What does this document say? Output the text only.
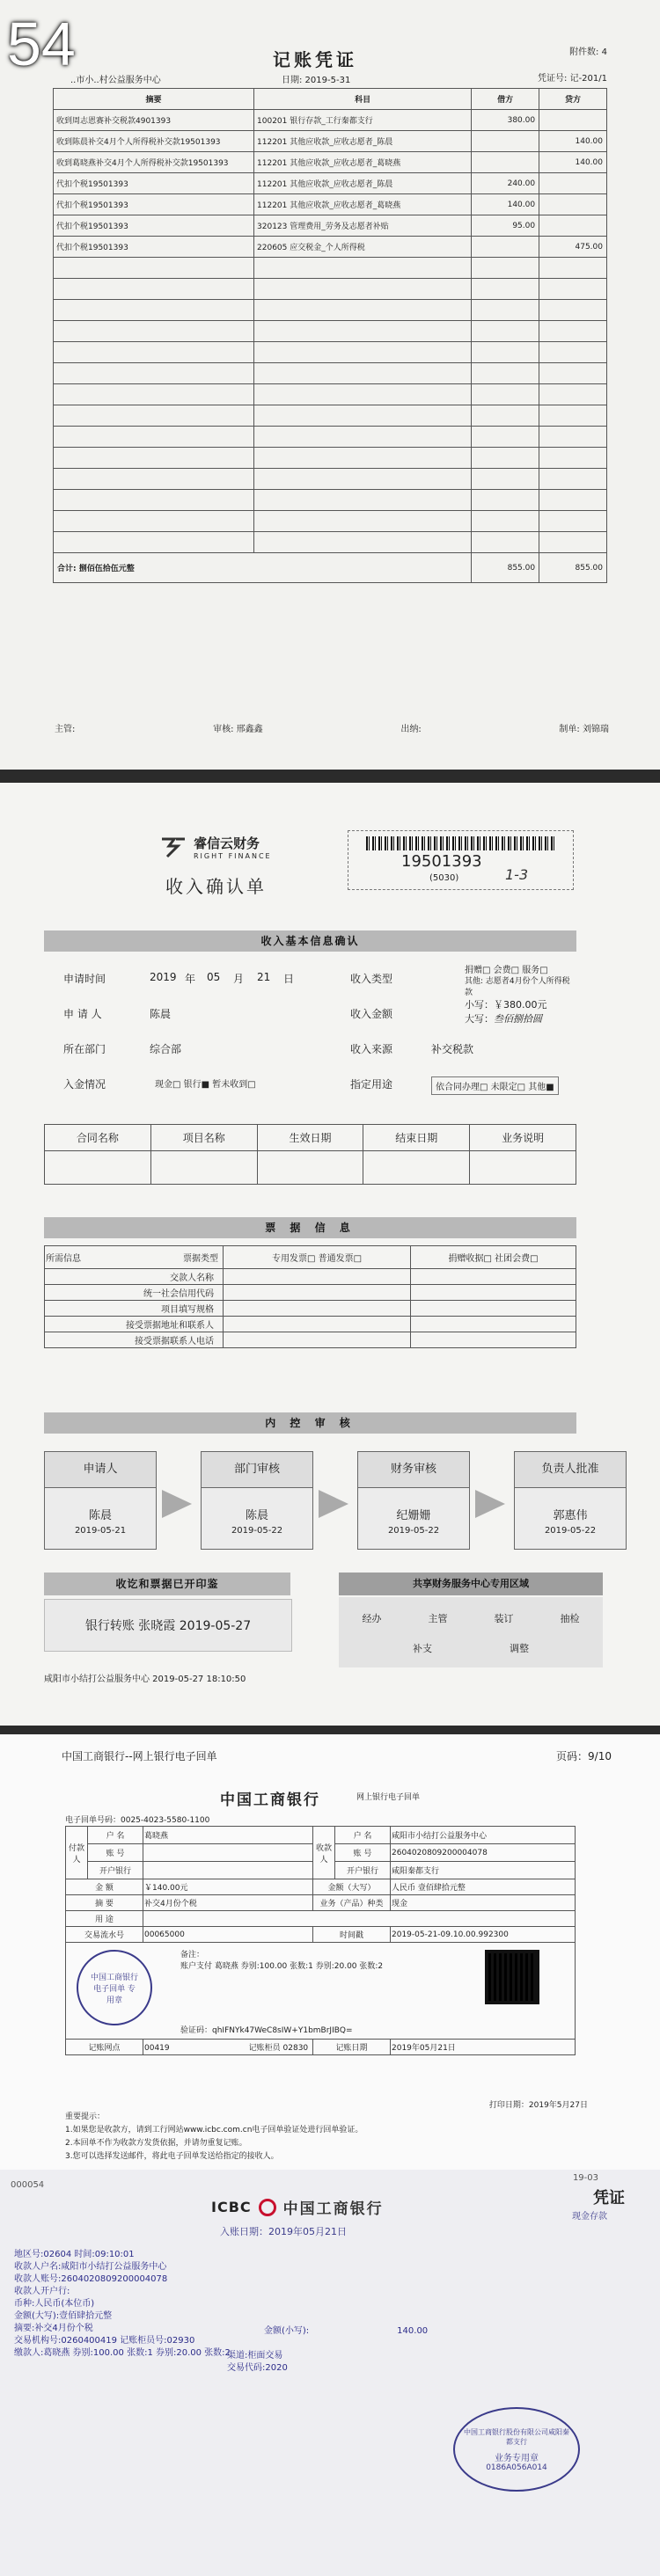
54	记账凭证	附件数: 4
..市小..村公益服务中心	日期: 2019-5-31	凭证号: 记-201/1
摘要	科目	借方	贷方
收到周志恩赛补交税款4901393	100201 银行存款_工行秦都支行	380.00	
收到陈晨补交4月个人所得税补交款19501393	112201 其他应收款_应收志愿者_陈晨		140.00
收到葛晓燕补交4月个人所得税补交款19501393	112201 其他应收款_应收志愿者_葛晓燕		140.00
代扣个税19501393	112201 其他应收款_应收志愿者_陈晨	240.00	
代扣个税19501393	112201 其他应收款_应收志愿者_葛晓燕	140.00	
代扣个税19501393	320123 管理费用_劳务及志愿者补贴	95.00	
代扣个税19501393	220605 应交税金_个人所得税		475.00

合计: 捌佰伍拾伍元整		855.00	855.00
主管:	审核: 邢鑫鑫	出纳:	制单: 刘锦瑞
睿信云财务
RIGHT FINANCE
收入确认单
19501393
(5030)	1-3
收入基本信息确认
申请时间	2019 年 05 月 21 日	收入类型
捐赠□ 会费□ 服务□
其他: 志愿者4月份个人所得税款
申 请 人	陈晨	收入金额
小写：￥380.00元
大写：叁佰捌拾圆
所在部门	综合部	收入来源	补交税款
入金情况	现金□ 银行■ 暂未收到□	指定用途	依合同办理□ 未限定□ 其他■
合同名称	项目名称	生效日期	结束日期	业务说明

票 据 信 息
所需信息 票据类型	专用发票□ 普通发票□	捐赠收据□ 社团会费□
交款人名称		
统一社会信用代码		
项目填写规格		
接受票据地址和联系人		
接受票据联系人电话		
内 控 审 核
申请人
陈晨
2019-05-21
部门审核
陈晨
2019-05-22
财务审核
纪姗姗
2019-05-22
负责人批准
郭惠伟
2019-05-22
收讫和票据已开印鉴
银行转账 张晓霞 2019-05-27
共享财务服务中心专用区域
经办	主管	装订	抽检
补支	调整
咸阳市小结打公益服务中心 2019-05-27 18:10:50
中国工商银行--网上银行电子回单	页码：9/10
中国工商银行	网上银行电子回单
电子回单号码：0025-4023-5580-1100
付款人	户 名	葛晓燕	收款人	户 名	咸阳市小结打公益服务中心
	账 号			账 号	2604020809200004078
	开户银行			开户银行	咸阳秦都支行
金 额		￥140.00元	金额（大写）		人民币 壹佰肆拾元整
摘 要		补交4月份个税	业务（产品）种类		现金
用 途					
交易流水号		00065000	时间戳		2019-05-21-09.10.00.992300

中国工商银行 电子回单 专用章
备注：
账户支付 葛晓燕 券别:100.00 张数:1 券别:20.00 张数:2
验证码：qhIFNYk47WeC8sIW+Y1bmBrJIBQ=					

记账网点		00419 记账柜员 02830	记账日期		2019年05月21日
打印日期：2019年5月27日
重要提示：
1.如果您是收款方，请到工行网站www.icbc.com.cn电子回单验证处进行回单验证。
2.本回单不作为收款方发货依据，并请勿重复记账。
3.您可以选择发送邮件，将此电子回单发送给指定的接收人。
000054
19-03
ICBC 中国工商银行
凭证
现金存款
入账日期：2019年05月21日
地区号:02604 时间:09:10:01
收款人户名:咸阳市小结打公益服务中心
收款人账号:2604020809200004078
收款人开户行:
币种:人民币(本位币)
金额(大写):壹佰肆拾元整
摘要:补交4月份个税
交易机构号:0260400419 记账柜员号:02930
缴款人:葛晓燕 券别:100.00 张数:1 券别:20.00 张数:2
金额(小写):	140.00
渠道:柜面交易
交易代码:2020
中国工商银行股份有限公司咸阳秦都支行
业务专用章
0186A056A014
